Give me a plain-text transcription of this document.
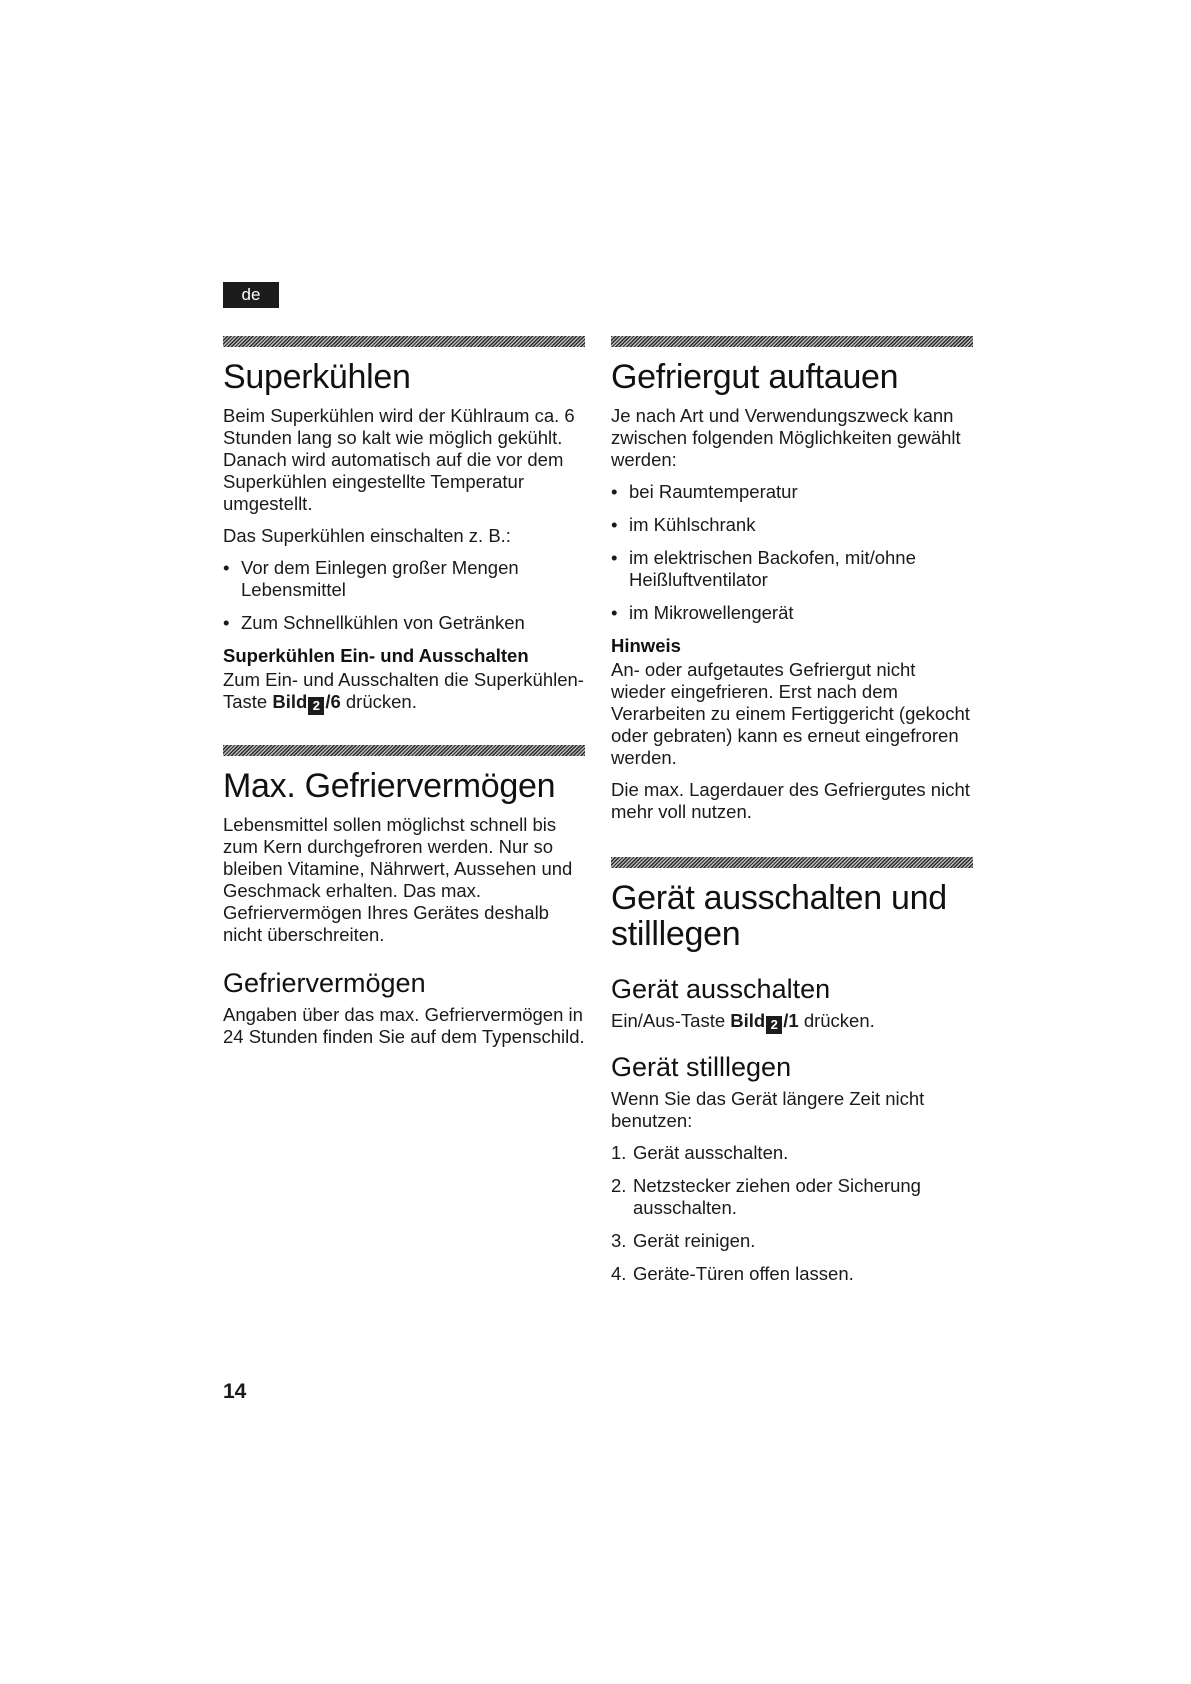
de
Superkühlen

Beim Superkühlen wird der Kühlraum ca. 6 Stunden lang so kalt wie möglich gekühlt. Danach wird automatisch auf die vor dem Superkühlen eingestellte Temperatur umgestellt.

Das Superkühlen einschalten z. B.:

• Vor dem Einlegen großer Mengen Lebensmittel
• Zum Schnellkühlen von Getränken
Superkühlen Ein- und Ausschalten

Zum Ein- und Ausschalten die Superkühlen-Taste Bild 2 /6 drücken.

Max. Gefriervermögen

Lebensmittel sollen möglichst schnell bis zum Kern durchgefroren werden. Nur so bleiben Vitamine, Nährwert, Aussehen und Geschmack erhalten. Das max. Gefriervermögen Ihres Gerätes deshalb nicht überschreiten.

Gefriervermögen

Angaben über das max. Gefriervermögen in 24 Stunden finden Sie auf dem Typenschild.

Gefriergut auftauen

Je nach Art und Verwendungszweck kann zwischen folgenden Möglichkeiten gewählt werden:

• bei Raumtemperatur
• im Kühlschrank
• im elektrischen Backofen, mit/ohne Heißluftventilator
• im Mikrowellengerät
Hinweis

An- oder aufgetautes Gefriergut nicht wieder eingefrieren. Erst nach dem Verarbeiten zu einem Fertiggericht (gekocht oder gebraten) kann es erneut eingefroren werden.

Die max. Lagerdauer des Gefriergutes nicht mehr voll nutzen.

Gerät ausschalten und stilllegen
Gerät ausschalten

Ein/Aus-Taste Bild 2 /1 drücken.

Gerät stilllegen

Wenn Sie das Gerät längere Zeit nicht benutzen:

1. Gerät ausschalten.
2. Netzstecker ziehen oder Sicherung ausschalten.
3. Gerät reinigen.
4. Geräte-Türen offen lassen.
14
